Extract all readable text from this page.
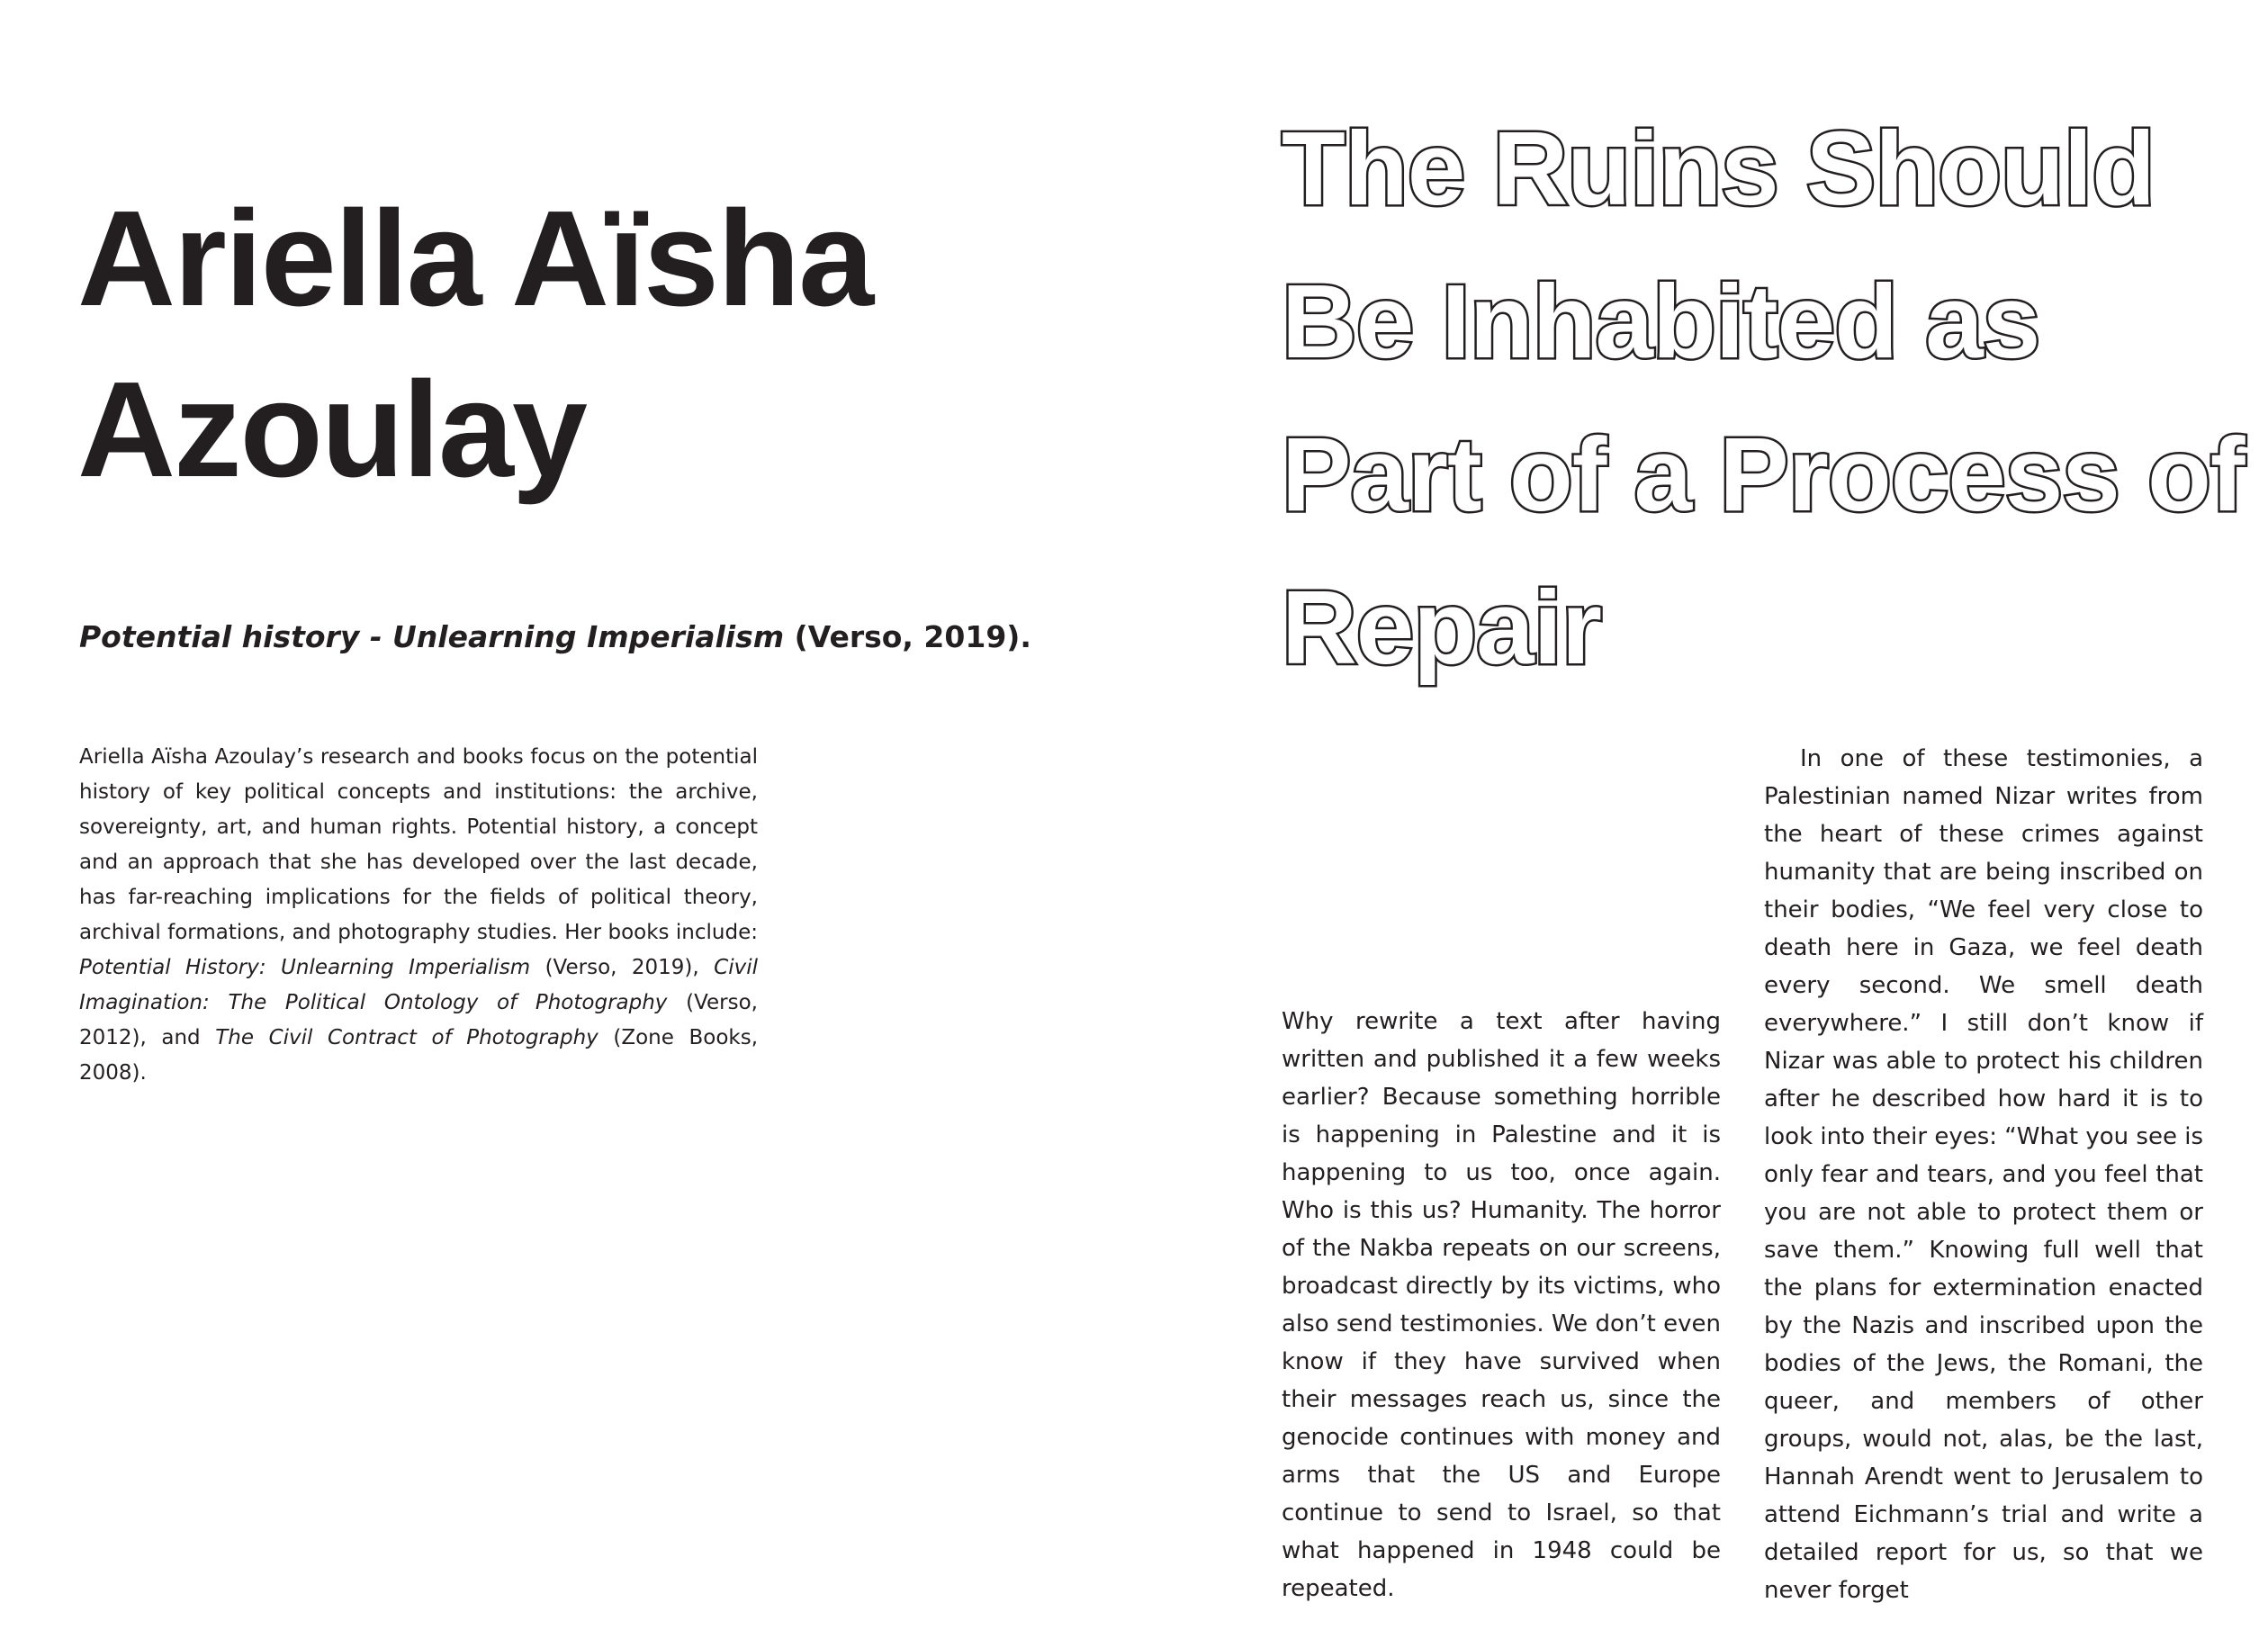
Ariella Aïsha Azoulay

Potential history - Unlearning Imperialism (Verso, 2019).

Ariella Aïsha Azoulay’s research and books focus on the potential history of key political concepts and institutions: the archive, sovereignty, art, and human rights. Potential history, a concept and an approach that she has developed over the last decade, has far-reaching implications for the fields of political theory, archival formations, and photography studies. Her books include: Potential History: Unlearning Imperialism (Verso, 2019), Civil Imagination: The Political Ontology of Photography (Verso, 2012), and The Civil Contract of Photography (Zone Books, 2008).

The Ruins Should Be Inhabited as Part of a Process of Repair

Why rewrite a text after having written and published it a few weeks earlier? Because something horrible is happening in Palestine and it is happening to us too, once again. Who is this us? Humanity. The horror of the Nakba repeats on our screens, broadcast directly by its victims, who also send testimonies. We don’t even know if they have survived when their messages reach us, since the genocide continues with money and arms that the US and Europe continue to send to Israel, so that what happened in 1948 could be repeated.

In one of these testimonies, a Palestinian named Nizar writes from the heart of these crimes against humanity that are being inscribed on their bodies, “We feel very close to death here in Gaza, we feel death every second. We smell death everywhere.” I still don’t know if Nizar was able to protect his children after he described how hard it is to look into their eyes: “What you see is only fear and tears, and you feel that you are not able to protect them or save them.” Knowing full well that the plans for extermination enacted by the Nazis and inscribed upon the bodies of the Jews, the Romani, the queer, and members of other groups, would not, alas, be the last, Hannah Arendt went to Jerusalem to attend Eichmann’s trial and write a detailed report for us, so that we never forget
